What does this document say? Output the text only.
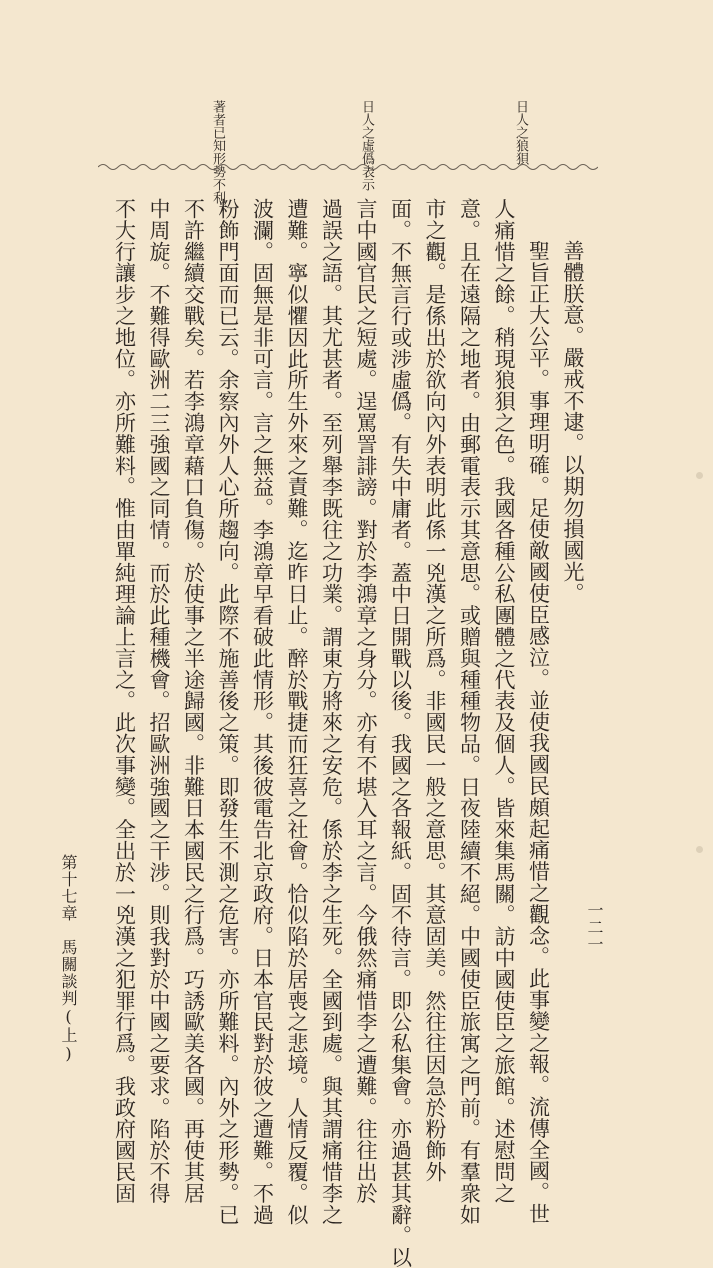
日人之狼狽
日人之虛僞表示
著者已知形勢不利
善體朕意。嚴戒不逮。以期勿損國光。
聖旨正大公平。事理明確。足使敵國使臣感泣。並使我國民頗起痛惜之觀念。此事變之報。流傳全國。世
人痛惜之餘。稍現狼狽之色。我國各種公私團體之代表及個人。皆來集馬關。訪中國使臣之旅館。述慰問之
意。且在遠隔之地者。由郵電表示其意思。或贈與種種物品。日夜陸續不絕。中國使臣旅寓之門前。有羣衆如
市之觀。是係出於欲向內外表明此係一兇漢之所爲。非國民一般之意思。其意固美。然往往因急於粉飾外
面。不無言行或涉虛僞。有失中庸者。蓋中日開戰以後。我國之各報紙。固不待言。即公私集會。亦過甚其辭。以
言中國官民之短處。逞罵詈誹謗。對於李鴻章之身分。亦有不堪入耳之言。今俄然痛惜李之遭難。往往出於
過誤之語。其尤甚者。至列舉李既往之功業。謂東方將來之安危。係於李之生死。全國到處。與其謂痛惜李之
遭難。寧似懼因此所生外來之責難。迄昨日止。醉於戰捷而狂喜之社會。恰似陷於居喪之悲境。人情反覆。似
波瀾。固無是非可言。言之無益。李鴻章早看破此情形。其後彼電告北京政府。日本官民對於彼之遭難。不過
粉飾門面而已云。余察內外人心所趨向。此際不施善後之策。即發生不測之危害。亦所難料。內外之形勢。已
不許繼續交戰矣。若李鴻章藉口負傷。於使事之半途歸國。非難日本國民之行爲。巧誘歐美各國。再使其居
中周旋。不難得歐洲二三強國之同情。而於此種機會。招歐洲強國之干涉。則我對於中國之要求。陷於不得
不大行讓步之地位。亦所難料。惟由單純理論上言之。此次事變。全出於一兇漢之犯罪行爲。我政府國民固
第十七章　馬關談判(上)	一二一
